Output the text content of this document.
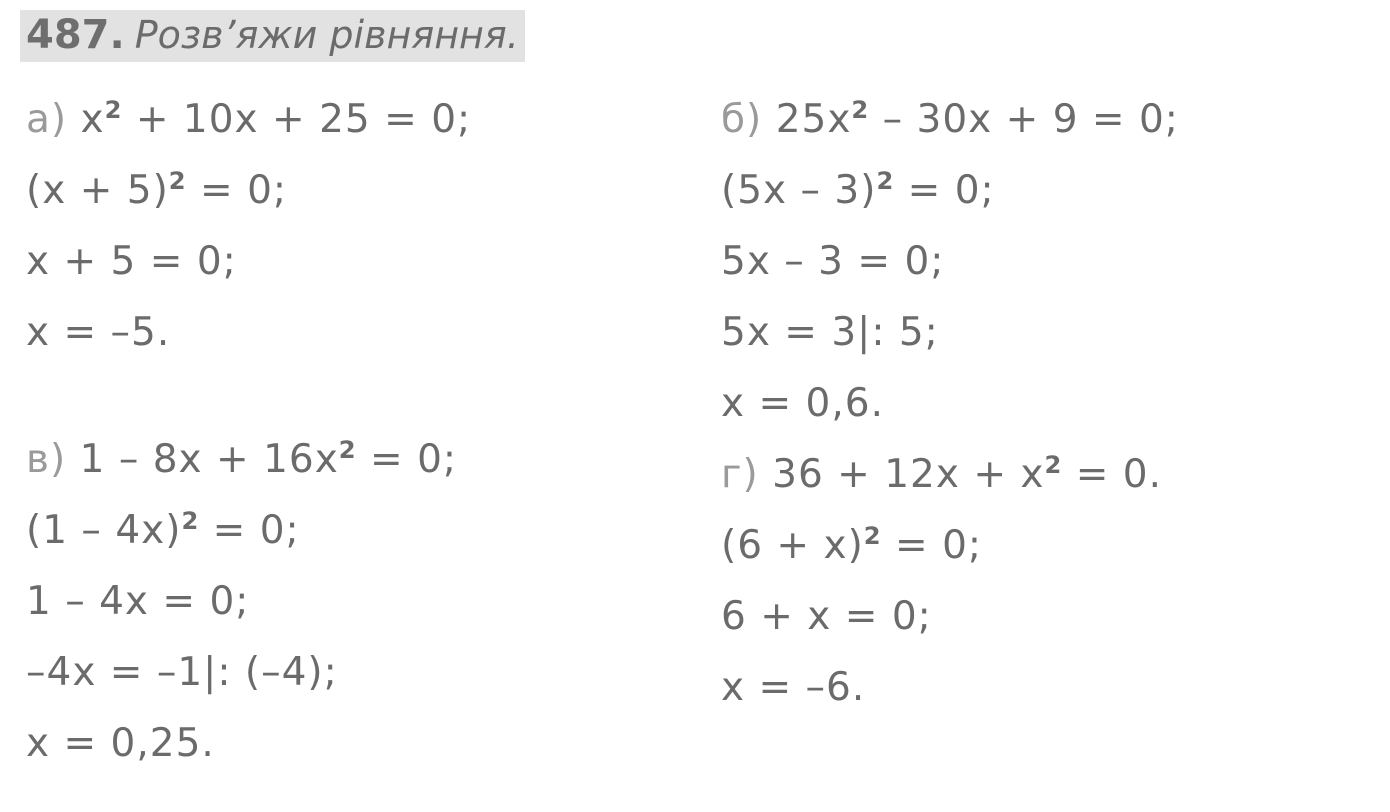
487. Розв’яжи рівняння.
а) $x^2 + 10x + 25 = 0$;
$(x + 5)^2 = 0$;
x + 5 = 0;
x = –5.
в) $1 - 8x + 16x^2 = 0$;
(1 – 4x)$^2$ = 0;
1 – 4x = 0;
–4x = –1|: (–4);
x = 0,25.
б) $25x^2 - 30x + 9 = 0$;
(5x – 3)$^2$ = 0;
5x – 3 = 0;
5x = 3|: 5;
x = 0,6.
г) $36 + 12x + x^2 = 0$.
$(6 + x)^2 = 0$;
6 + x = 0;
x = –6.
